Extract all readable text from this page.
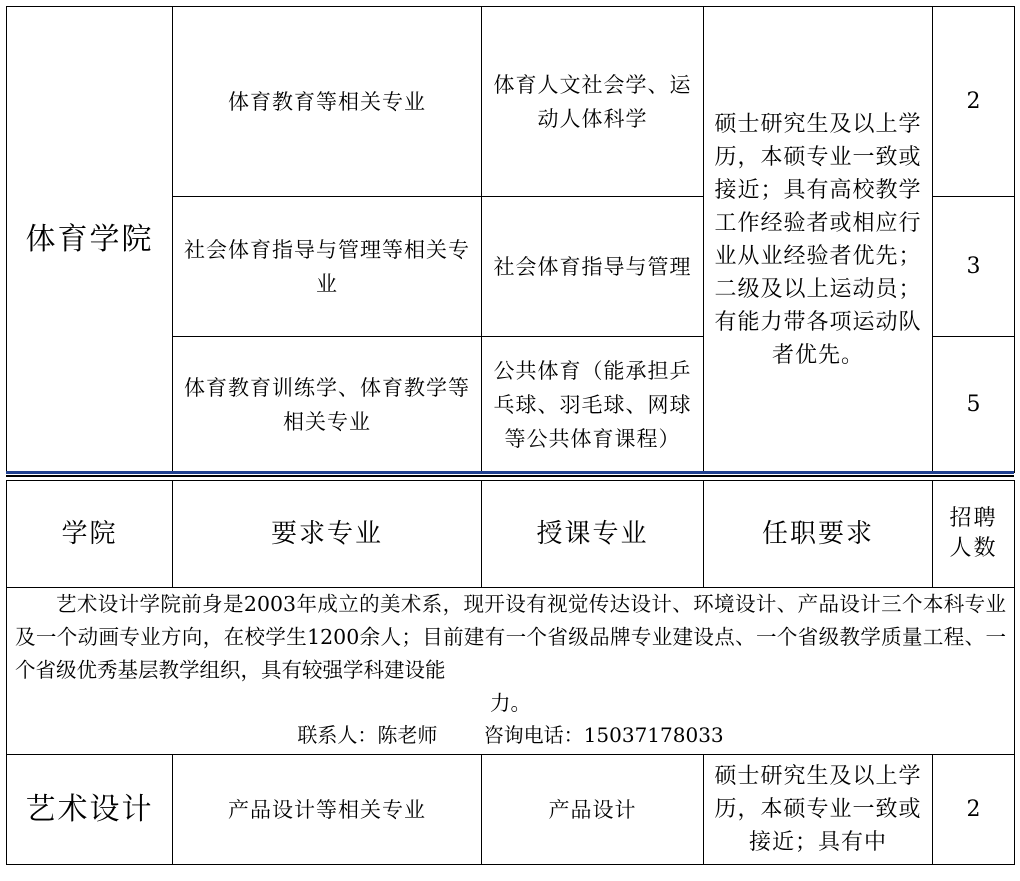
体育学院	体育教育等相关专业	体育人文社会学、运动人体科学	硕士研究生及以上学历，本硕专业一致或接近；具有高校教学工作经验者或相应行业从业经验者优先；二级及以上运动员；有能力带各项运动队者优先。	2
	社会体育指导与管理等相关专业	社会体育指导与管理		3
	体育教育训练学、体育教学等相关专业	公共体育（能承担乒乓球、羽毛球、网球等公共体育课程）		5
学院	要求专业	授课专业	任职要求	招聘人数

艺术设计学院前身是2003年成立的美术系，现开设有视觉传达设计、环境设计、产品设计三个本科专业及一个动画专业方向，在校学生1200余人；目前建有一个省级品牌专业建设点、一个省级教学质量工程、一个省级优秀基层教学组织，具有较强学科建设能

力。

联系人：陈老师 咨询电话：15037178033				

艺术设计	产品设计等相关专业	产品设计	硕士研究生及以上学历，本硕专业一致或接近；具有中	2
